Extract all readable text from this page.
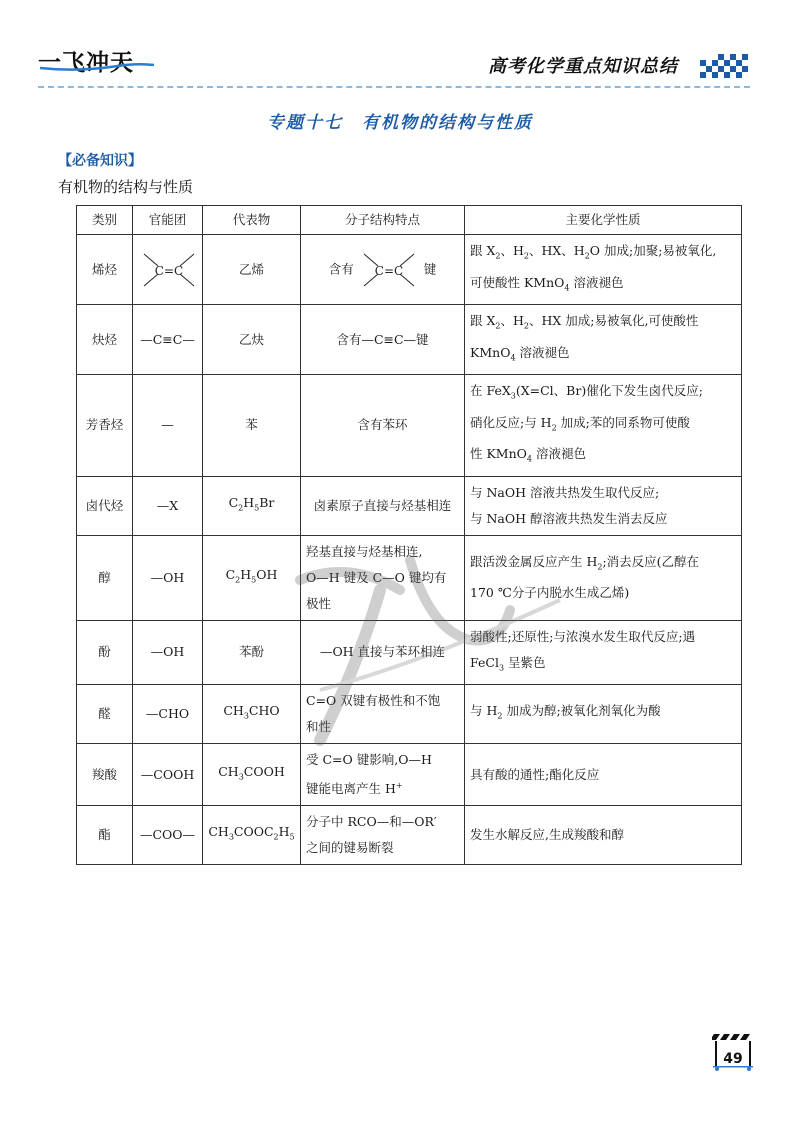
一飞冲天	高考化学重点知识总结
专题十七　有机物的结构与性质
【必备知识】
有机物的结构与性质
类别	官能团	代表物	分子结构特点	主要化学性质
烯烃	C=C	乙烯	含有 C=C 键	跟 $X_2$、$H_2$、HX、$H_2O$ 加成;加聚;易被氧化,
可使酸性 KMnO$_4$ 溶液褪色
炔烃	—C≡C—	乙炔	含有—C≡C—键	跟 $X_2$、$H_2$、HX 加成;易被氧化,可使酸性
KMnO$_4$ 溶液褪色
芳香烃	—	苯	含有苯环	在 FeX$_3$(X=Cl、Br)催化下发生卤代反应;
硝化反应;与 $H_2$ 加成;苯的同系物可使酸
性 KMnO$_4$ 溶液褪色
卤代烃	—X	$C_2H_5Br$	卤素原子直接与烃基相连	与 NaOH 溶液共热发生取代反应;
与 NaOH 醇溶液共热发生消去反应
醇	—OH	$C_2H_5OH$	羟基直接与烃基相连,
O—H 键及 C—O 键均有
极性	跟活泼金属反应产生 $H_2$;消去反应(乙醇在
170 ℃分子内脱水生成乙烯)
酚	—OH	苯酚	—OH 直接与苯环相连	弱酸性;还原性;与浓溴水发生取代反应;遇
FeCl$_3$ 呈紫色
醛	—CHO	$CH_3CHO$	C=O 双键有极性和不饱
和性	与 $H_2$ 加成为醇;被氧化剂氧化为酸
羧酸	—COOH	$CH_3COOH$	受 C=O 键影响,O—H
键能电离产生 H+	具有酸的通性;酯化反应
酯	—COO—	$CH_3COOC_2H_5$	分子中 RCO—和—OR′
之间的键易断裂	发生水解反应,生成羧酸和醇
49
